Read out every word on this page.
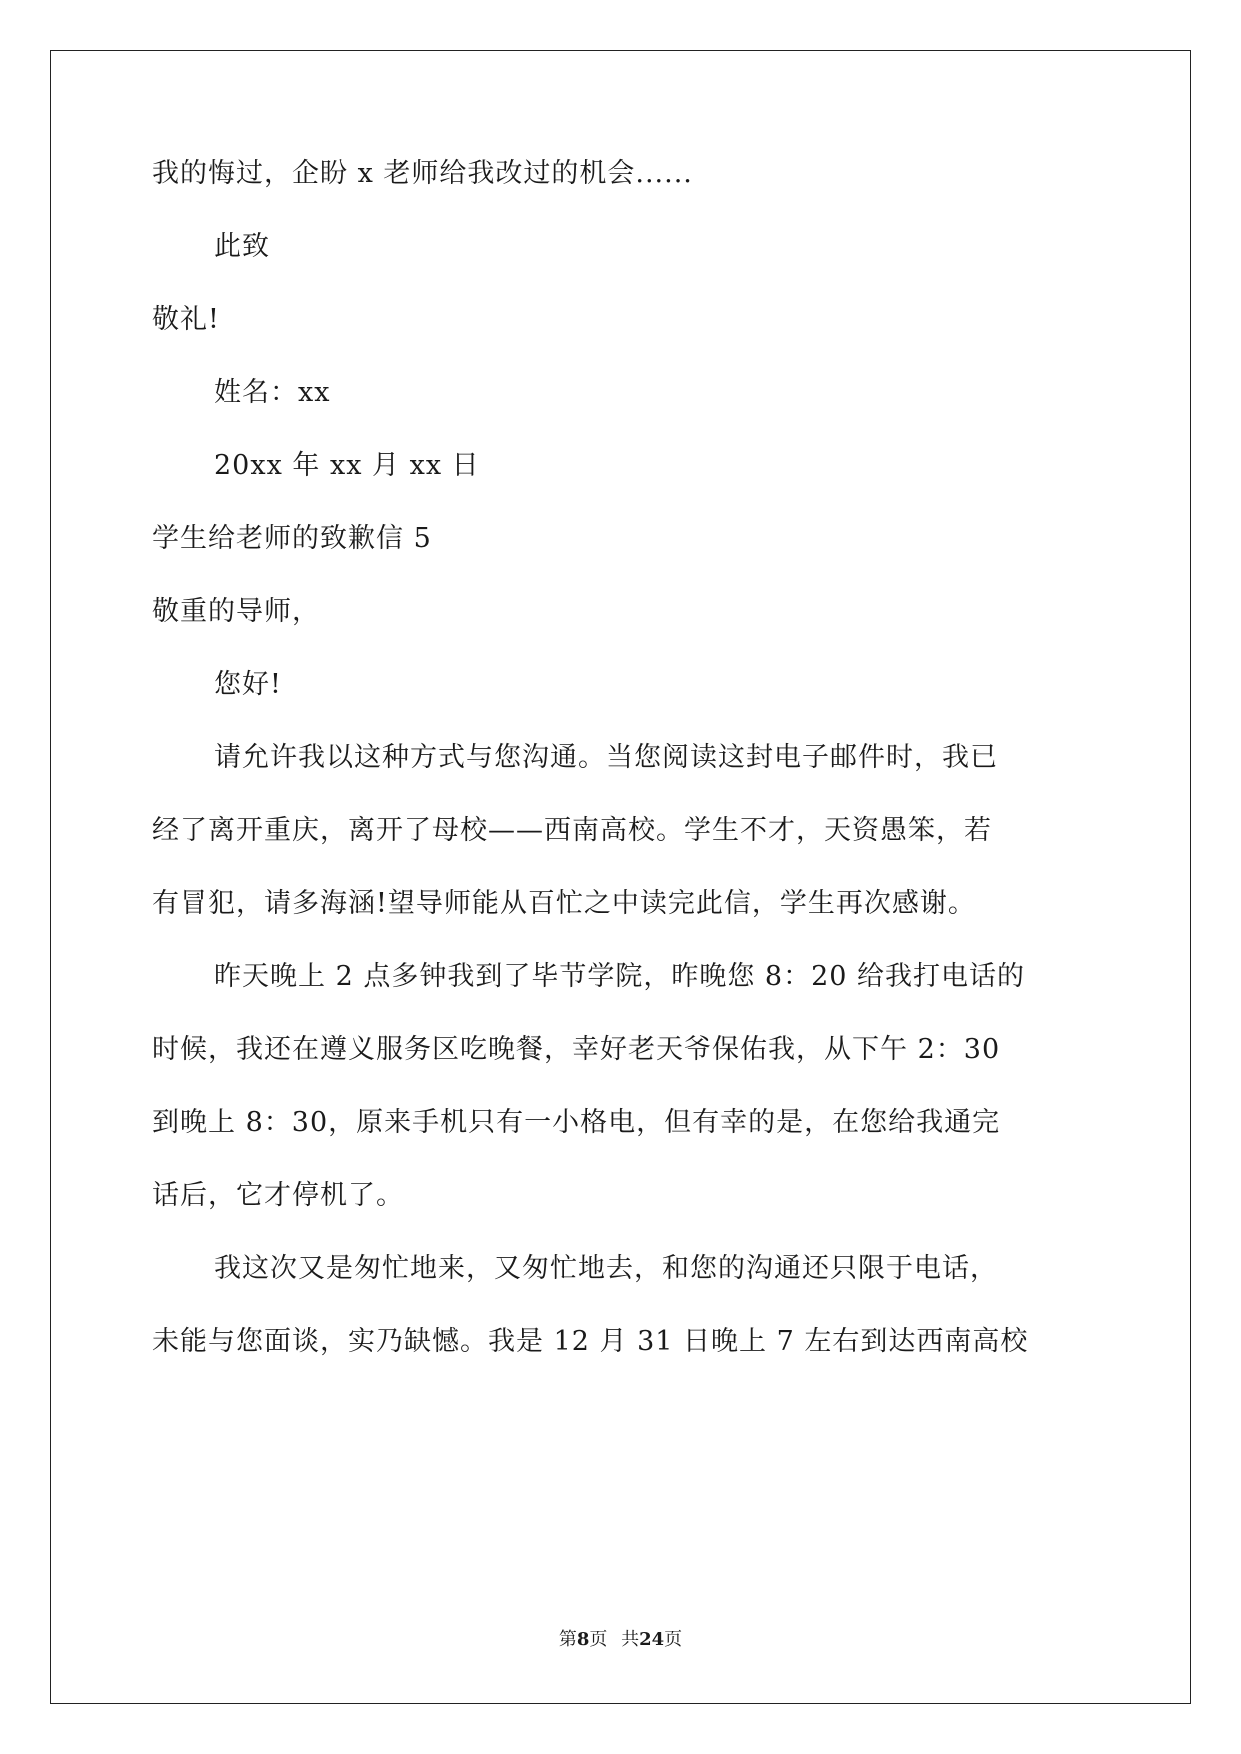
我的悔过，企盼 x 老师给我改过的机会......
此致
敬礼!
姓名：xx
20xx 年 xx 月 xx 日
学生给老师的致歉信 5
敬重的导师，
您好!
请允许我以这种方式与您沟通。当您阅读这封电子邮件时，我已
经了离开重庆，离开了母校——西南高校。学生不才，天资愚笨，若
有冒犯，请多海涵!望导师能从百忙之中读完此信，学生再次感谢。
昨天晚上 2 点多钟我到了毕节学院，昨晚您 8：20 给我打电话的
时候，我还在遵义服务区吃晚餐，幸好老天爷保佑我，从下午 2：30
到晚上 8：30，原来手机只有一小格电，但有幸的是，在您给我通完
话后，它才停机了。
我这次又是匆忙地来，又匆忙地去，和您的沟通还只限于电话，
未能与您面谈，实乃缺憾。我是 12 月 31 日晚上 7 左右到达西南高校
第8页 共24页
